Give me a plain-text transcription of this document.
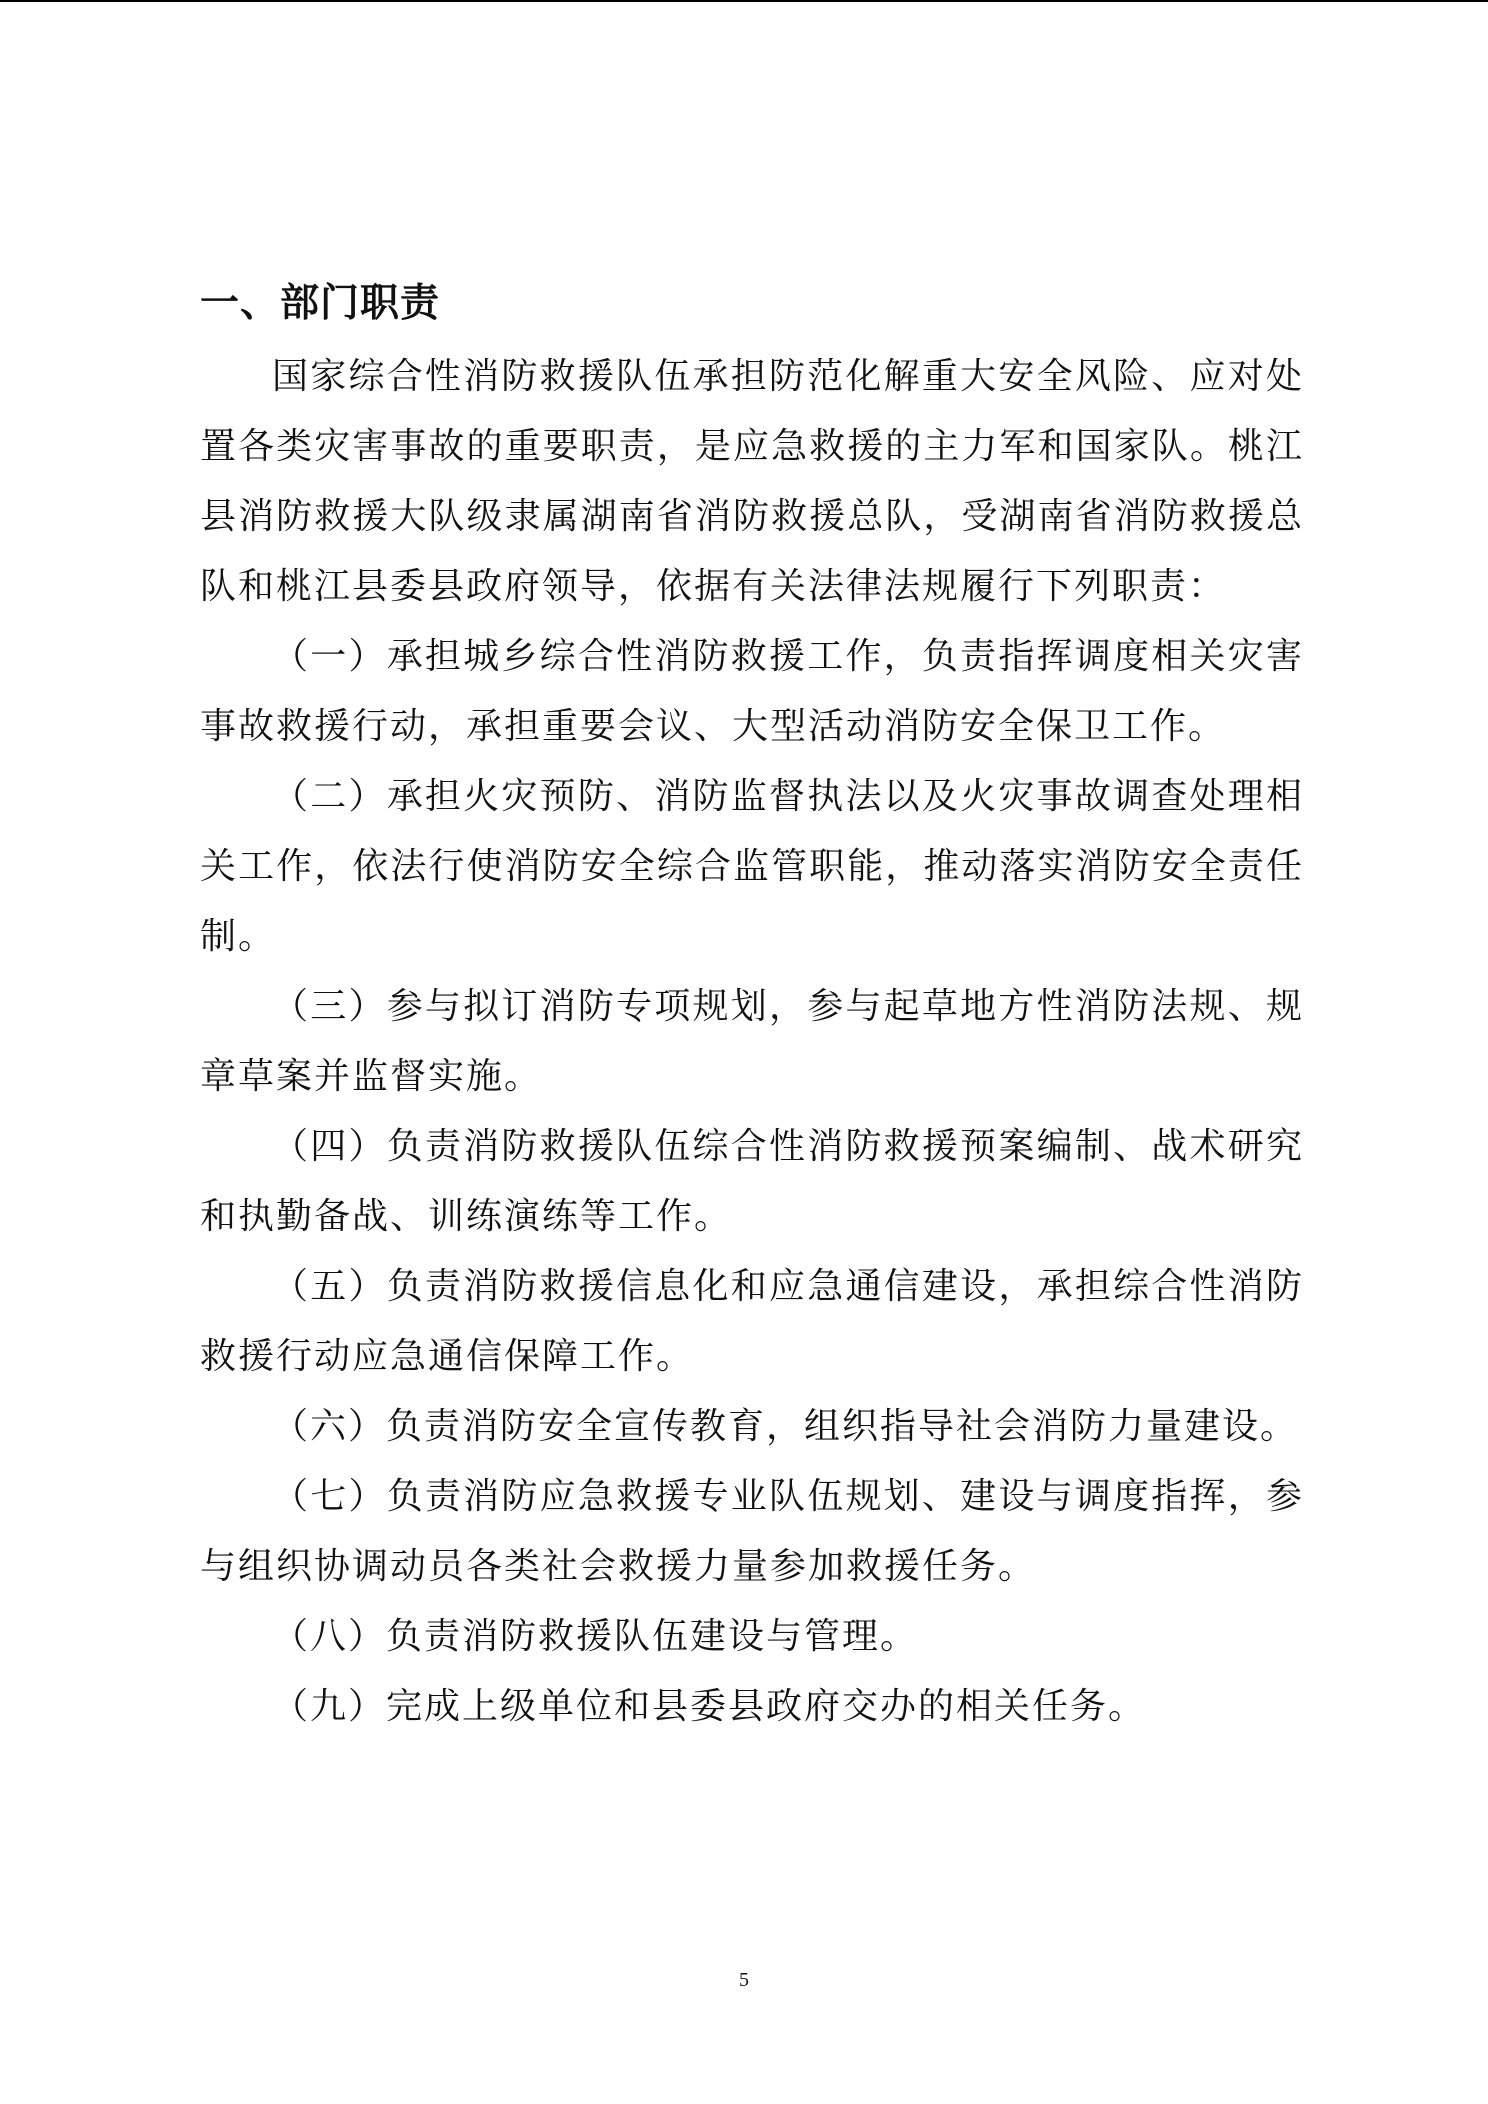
一、部门职责

国家综合性消防救援队伍承担防范化解重大安全风险、应对处置各类灾害事故的重要职责，是应急救援的主力军和国家队。桃江县消防救援大队级隶属湖南省消防救援总队，受湖南省消防救援总队和桃江县委县政府领导，依据有关法律法规履行下列职责：

（一）承担城乡综合性消防救援工作，负责指挥调度相关灾害事故救援行动，承担重要会议、大型活动消防安全保卫工作。

（二）承担火灾预防、消防监督执法以及火灾事故调查处理相关工作，依法行使消防安全综合监管职能，推动落实消防安全责任制。

（三）参与拟订消防专项规划，参与起草地方性消防法规、规章草案并监督实施。

（四）负责消防救援队伍综合性消防救援预案编制、战术研究和执勤备战、训练演练等工作。

（五）负责消防救援信息化和应急通信建设，承担综合性消防救援行动应急通信保障工作。

（六）负责消防安全宣传教育，组织指导社会消防力量建设。

（七）负责消防应急救援专业队伍规划、建设与调度指挥，参与组织协调动员各类社会救援力量参加救援任务。

（八）负责消防救援队伍建设与管理。

（九）完成上级单位和县委县政府交办的相关任务。

5
